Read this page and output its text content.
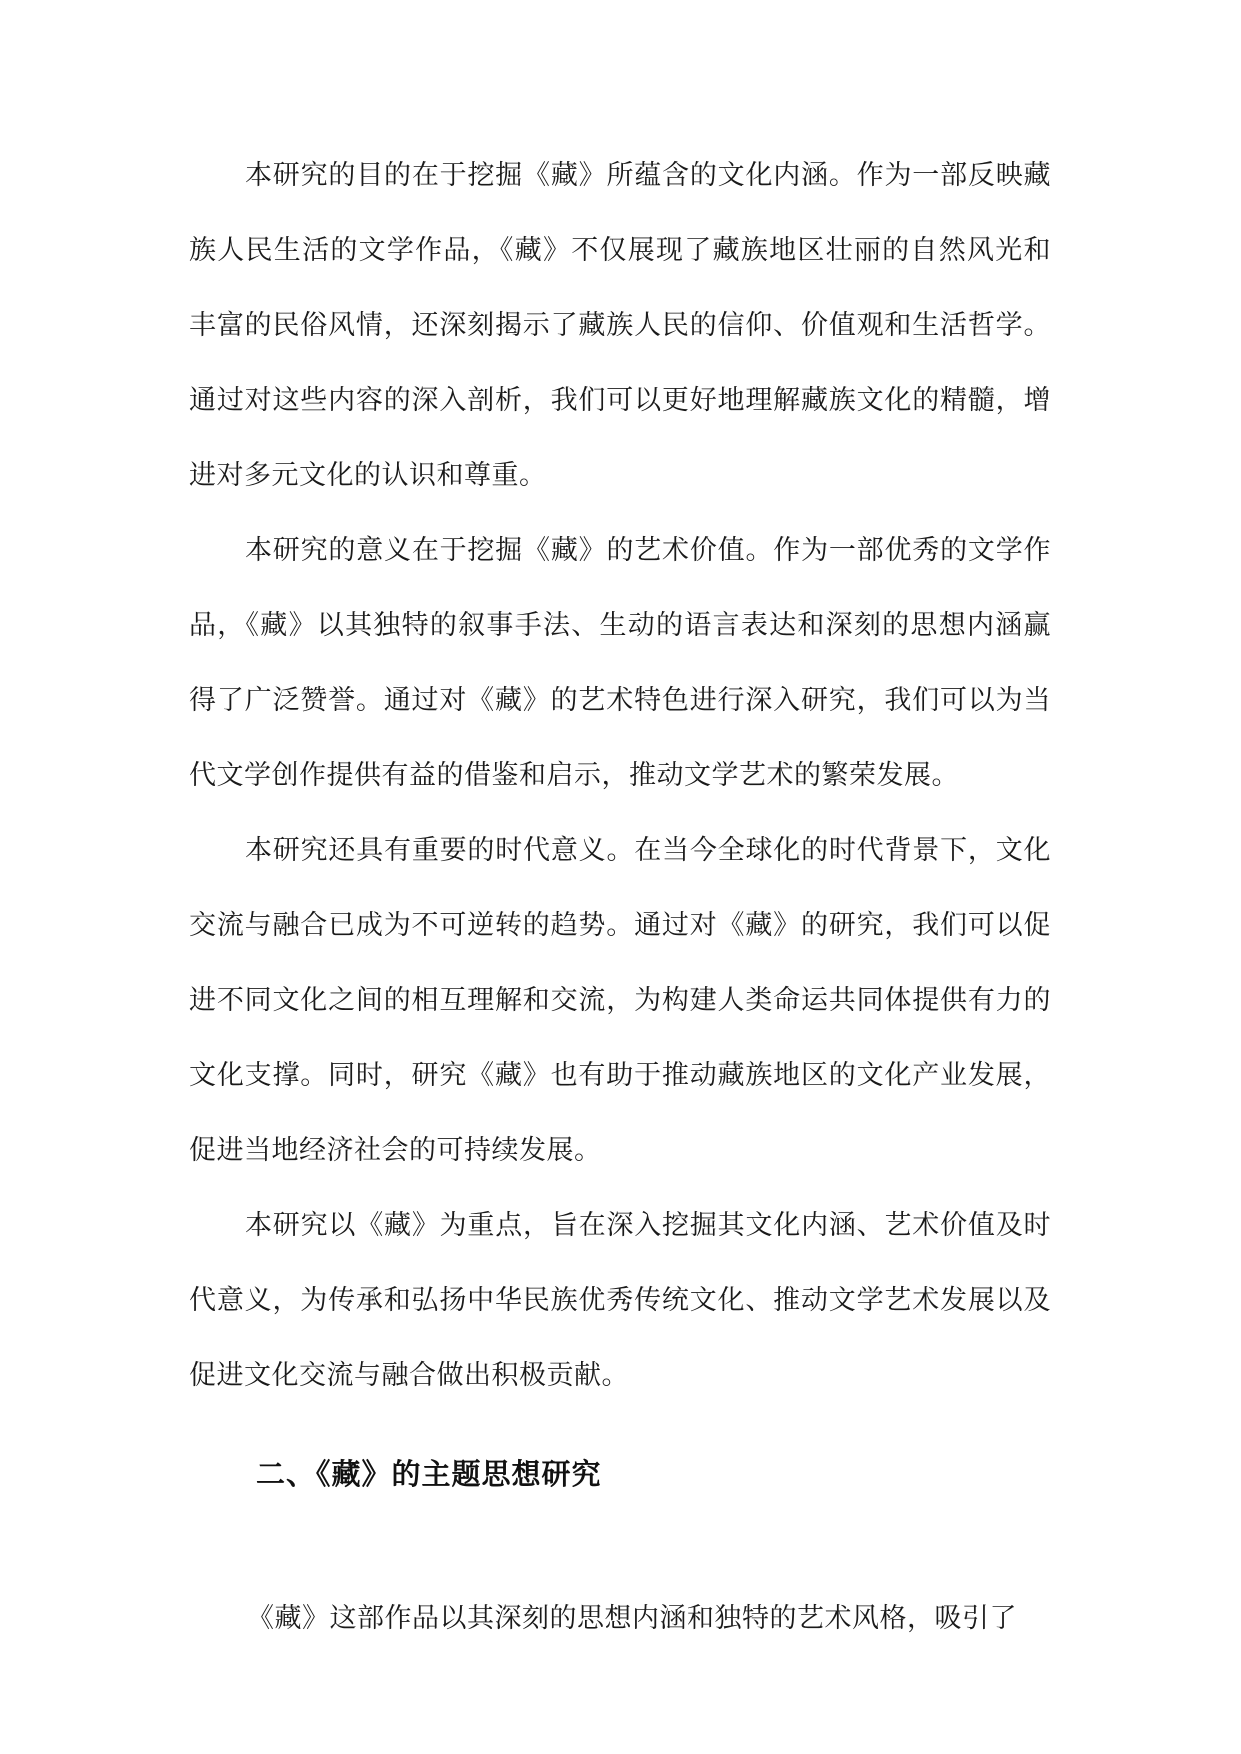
本研究的目的在于挖掘《藏》所蕴含的文化内涵。作为一部反映藏族人民生活的文学作品，《藏》不仅展现了藏族地区壮丽的自然风光和丰富的民俗风情，还深刻揭示了藏族人民的信仰、价值观和生活哲学。通过对这些内容的深入剖析，我们可以更好地理解藏族文化的精髓，增进对多元文化的认识和尊重。

本研究的意义在于挖掘《藏》的艺术价值。作为一部优秀的文学作品，《藏》以其独特的叙事手法、生动的语言表达和深刻的思想内涵赢得了广泛赞誉。通过对《藏》的艺术特色进行深入研究，我们可以为当代文学创作提供有益的借鉴和启示，推动文学艺术的繁荣发展。

本研究还具有重要的时代意义。在当今全球化的时代背景下，文化交流与融合已成为不可逆转的趋势。通过对《藏》的研究，我们可以促进不同文化之间的相互理解和交流，为构建人类命运共同体提供有力的文化支撑。同时，研究《藏》也有助于推动藏族地区的文化产业发展，促进当地经济社会的可持续发展。

本研究以《藏》为重点，旨在深入挖掘其文化内涵、艺术价值及时代意义，为传承和弘扬中华民族优秀传统文化、推动文学艺术发展以及促进文化交流与融合做出积极贡献。

二、《藏》的主题思想研究

《藏》这部作品以其深刻的思想内涵和独特的艺术风格，吸引了
